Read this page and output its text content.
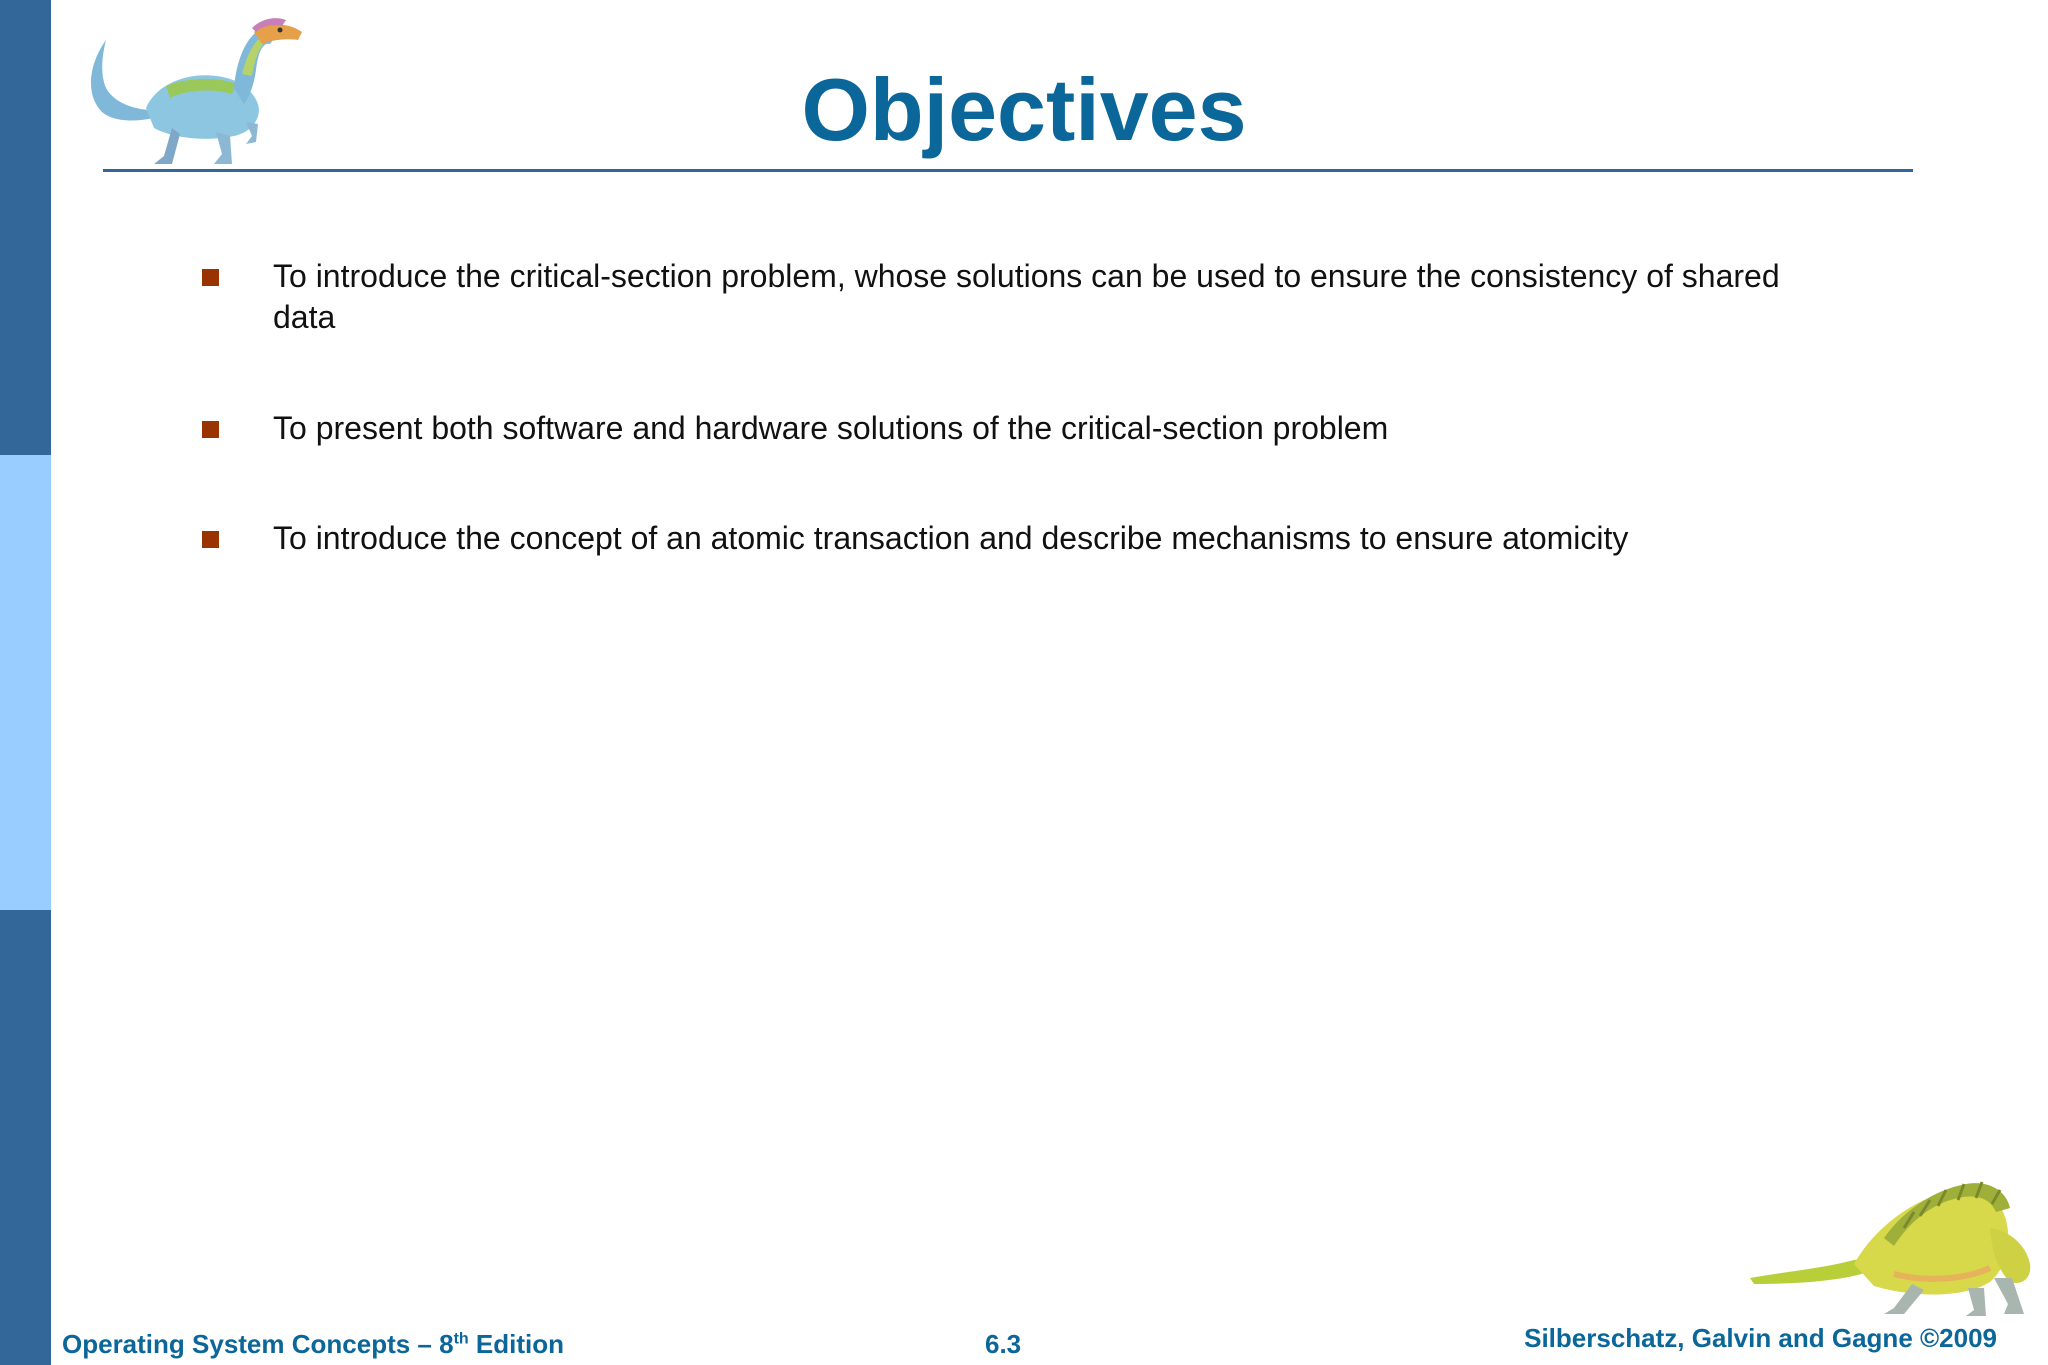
Objectives
To introduce the critical-section problem, whose solutions can be used to ensure the consistency of shared data
To present both software and hardware solutions of the critical-section problem
To introduce the concept of an atomic transaction and describe mechanisms to ensure atomicity
Operating System Concepts – 8th Edition	6.3	Silberschatz, Galvin and Gagne ©2009
